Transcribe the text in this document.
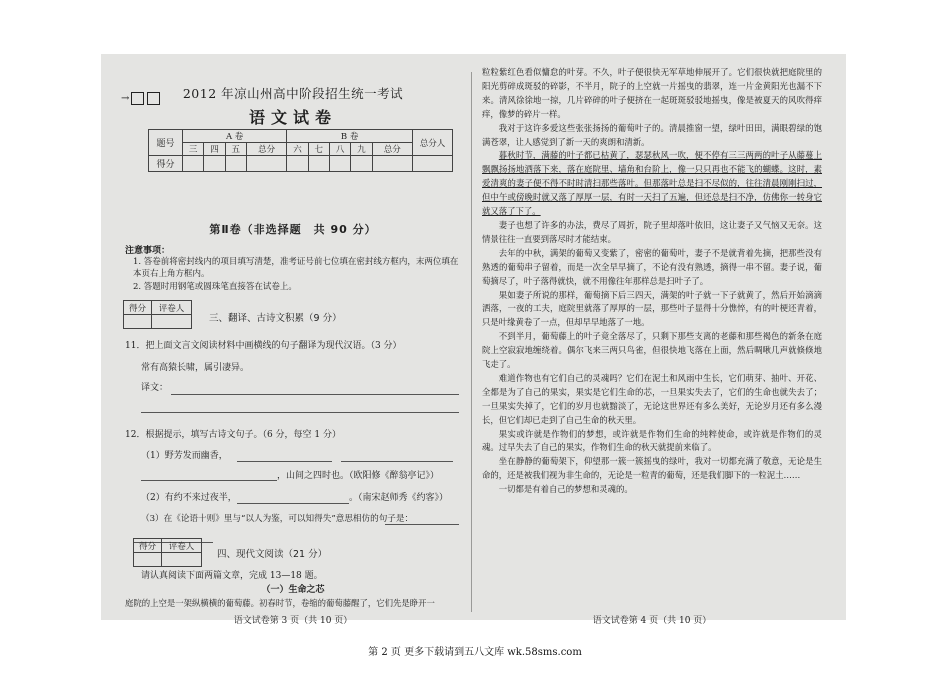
→	2012 年凉山州高中阶段招生统一考试
语文试卷
题号	A 卷				B 卷					总分人
	三	四	五	总分	六	七	八	九	总分	
得分										
第Ⅱ卷（非选择题　共 90 分）
注意事项：
1. 答卷前将密封线内的项目填写清楚，准考证号前七位填在密封线方框内，末两位填在本页右上角方框内。
2. 答题时用钢笔或圆珠笔直接答在试卷上。
得分	评卷人

三、翻译、古诗文积累（9 分）
11．把上面文言文阅读材料中画横线的句子翻译为现代汉语。（3 分）
常有高猿长啸，属引凄异。
译文：
12．根据提示，填写古诗文句子。（6 分，每空 1 分）
（1）野芳发而幽香，
，山间之四时也。（欧阳修《醉翁亭记》）
（2）有约不来过夜半，	。（南宋赵师秀《约客》）
（3）在《论语十则》里与“以人为鉴，可以知得失”意思相仿的句子是：
得分	评卷人

四、现代文阅读（21 分）
请认真阅读下面两篇文章，完成 13—18 题。
（一）生命之芯
庭院的上空是一架纵横横的葡萄藤。初春时节，卷缩的葡萄藤醒了，它们先是睁开一
语文试卷第 3 页（共 10 页）

粒粒紫红色看似慵怠的叶芽。不久，叶子便很快无军草地伸展开了。它们很快就把庭院里的阳光剪碎成斑驳的碎影，不半月，院子的上空就一片摇曳的翡翠，连一片金黄阳光也漏不下来。清风徐徐地一掠，几片碎碎的叶子便挤在一起斑斑驳驳地摇曳，像是被夏天的风吹得痒痒，像梦的碎片一样。

我对于这许多爱这些张张扬扬的葡萄叶子的。清晨推窗一望，绿叶田田，满眼碧绿的饱满苍翠，让人感觉到了新一天的爽朗和清新。

暮秋时节，满藤的叶子都已枯黄了，瑟瑟秋风一吹，便不停有三三两两的叶子从藤蔓上飘飘扬扬地洒落下来，落在庭院里、墙角和台阶上，像一只只再也不能飞的蝴蝶。这时，素爱清爽的妻子便不得不时时清扫那些落叶。但那落叶总是扫不尽似的，往往清晨刚刚扫过，但中午或傍晚时就又落了厚厚一层，有时一天扫了五遍，但还总是扫不净，仿佛你一转身它就又落了下了。

妻子也想了许多的办法，费尽了周折，院子里却落叶依旧，这让妻子又气恼又无奈。这情景往往一直要到落尽时才能结束。

去年的中秋，满架的葡萄又变紫了，密密的葡萄叶，妻子不是就背着先摘，把那些没有熟透的葡萄串子留着，而是一次全早早摘了，不论有没有熟透，摘得一串不留。妻子说，葡萄摘尽了，叶子落得就快，就不用像往年那样总是扫叶子了。

果如妻子所说的那样，葡萄摘下后三四天，满架的叶子就一下子就黄了，然后开始滴滴洒落，一夜的工夫，庭院里就落了厚厚的一层，那些叶子显得十分憔悴，有的叶梗还青着，只是叶缘黄卷了一点，但却早早地落了一地。

不到半月，葡萄藤上的叶子竟全落尽了，只剩下那些支离的老藤和那些褐色的新条在庭院上空寂寂地缠绕着。偶尔飞来三两只鸟雀，但很快地飞落在上面，然后啁啾几声就倏倏地飞走了。

难道作物也有它们自己的灵魂吗？它们在泥土和风雨中生长，它们萌芽、抽叶、开花、全都是为了自己的果实，果实是它们生命的芯，一旦果实失去了，它们的生命也就失去了；一旦果实失掉了，它们的岁月也就黯淡了，无论这世界还有多么美好，无论岁月还有多么漫长，但它们却已走到了自己生命的秋天里。

果实或许就是作物们的梦想，或许就是作物们生命的纯粹使命，或许就是作物们的灵魂。过早失去了自己的果实，作物们生命的秋天就提前来临了。

坐在静静的葡萄架下，仰望那一簇一簇摇曳的绿叶，我对一切都充满了敬意，无论是生命的，还是被我们视为非生命的，无论是一粒青的葡萄，还是我们脚下的一粒泥土……

一切都是有着自己的梦想和灵魂的。

语文试卷第 4 页（共 10 页）
第 2 页 更多下载请到五八文库 wk.58sms.com
